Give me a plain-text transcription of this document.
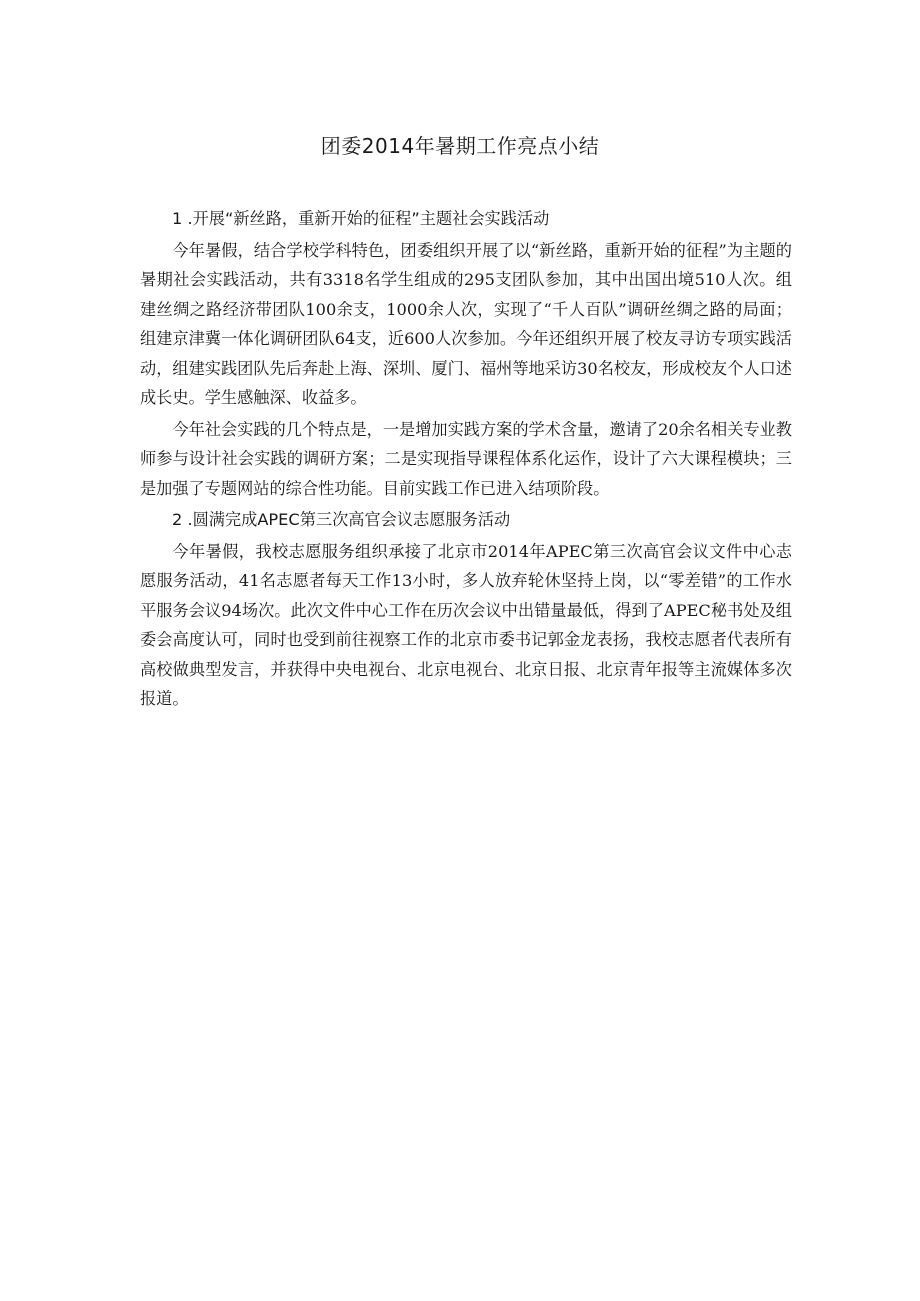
团委2014年暑期工作亮点小结

1 .开展“新丝路，重新开始的征程”主题社会实践活动

今年暑假，结合学校学科特色，团委组织开展了以“新丝路，重新开始的征程”为主题的暑期社会实践活动，共有3318名学生组成的295支团队参加，其中出国出境510人次。组建丝绸之路经济带团队100余支，1000余人次，实现了“千人百队”调研丝绸之路的局面；组建京津冀一体化调研团队64支，近600人次参加。今年还组织开展了校友寻访专项实践活动，组建实践团队先后奔赴上海、深圳、厦门、福州等地采访30名校友，形成校友个人口述成长史。学生感触深、收益多。

今年社会实践的几个特点是，一是增加实践方案的学术含量，邀请了20余名相关专业教师参与设计社会实践的调研方案；二是实现指导课程体系化运作，设计了六大课程模块；三是加强了专题网站的综合性功能。目前实践工作已进入结项阶段。

2 .圆满完成APEC第三次高官会议志愿服务活动

今年暑假，我校志愿服务组织承接了北京市2014年APEC第三次高官会议文件中心志愿服务活动，41名志愿者每天工作13小时，多人放弃轮休坚持上岗，以“零差错”的工作水平服务会议94场次。此次文件中心工作在历次会议中出错量最低，得到了APEC秘书处及组委会高度认可，同时也受到前往视察工作的北京市委书记郭金龙表扬，我校志愿者代表所有高校做典型发言，并获得中央电视台、北京电视台、北京日报、北京青年报等主流媒体多次报道。
